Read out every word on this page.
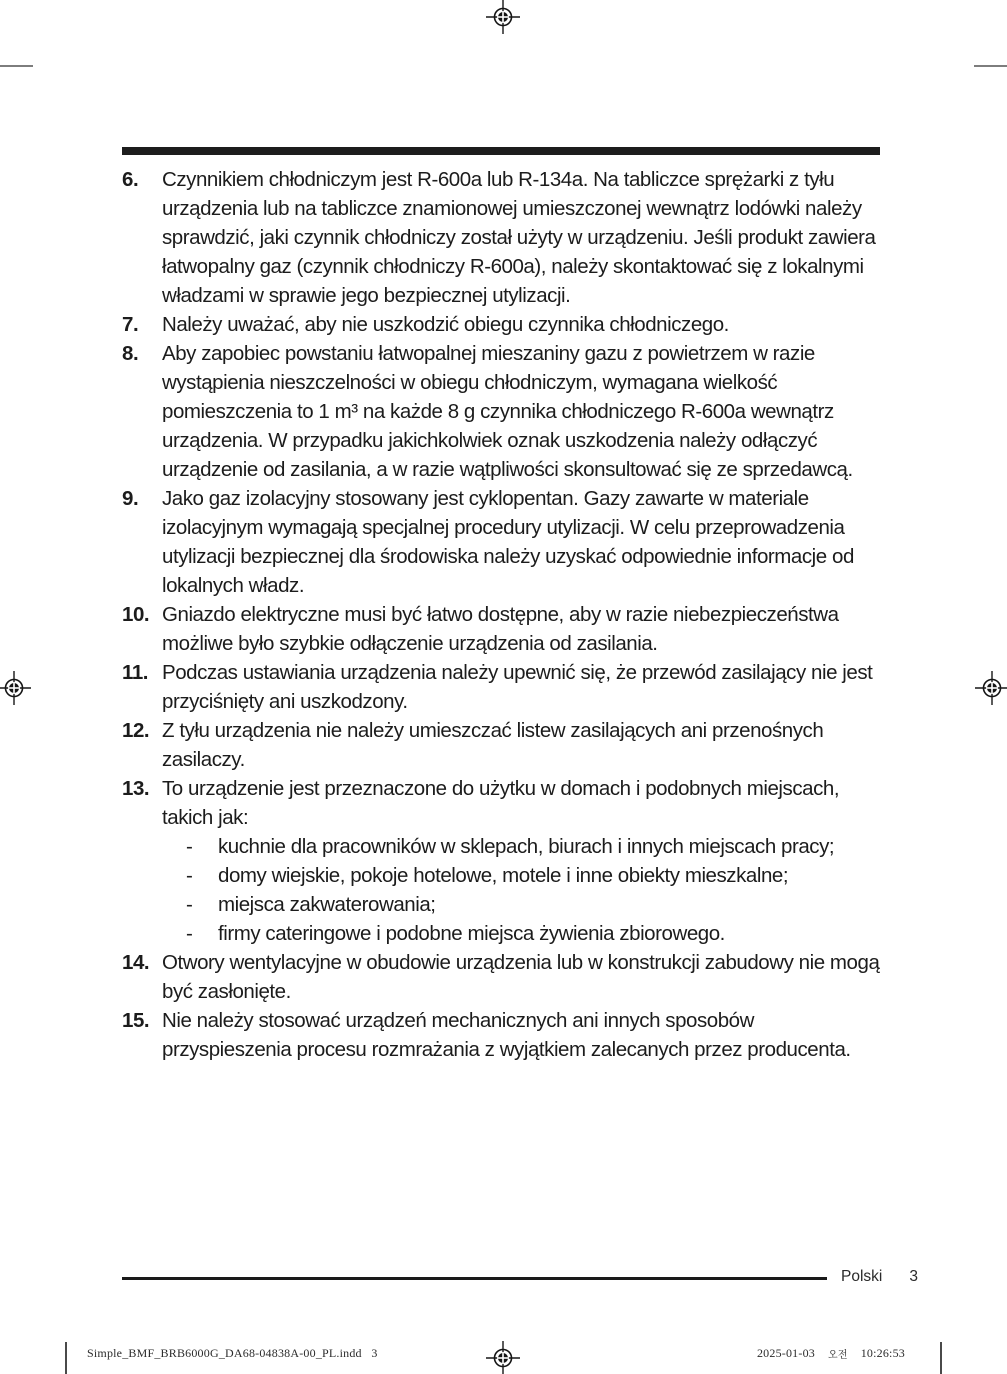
6.	Czynnikiem chłodniczym jest R-600a lub R-134a. Na tabliczce sprężarki z tyłu urządzenia lub na tabliczce znamionowej umieszczonej wewnątrz lodówki należy sprawdzić, jaki czynnik chłodniczy został użyty w urządzeniu. Jeśli produkt zawiera łatwopalny gaz (czynnik chłodniczy R-600a), należy skontaktować się z lokalnymi władzami w sprawie jego bezpiecznej utylizacji.
7.	Należy uważać, aby nie uszkodzić obiegu czynnika chłodniczego.
8.	Aby zapobiec powstaniu łatwopalnej mieszaniny gazu z powietrzem w razie wystąpienia nieszczelności w obiegu chłodniczym, wymagana wielkość pomieszczenia to 1 m³ na każde 8 g czynnika chłodniczego R-600a wewnątrz urządzenia. W przypadku jakichkolwiek oznak uszkodzenia należy odłączyć urządzenie od zasilania, a w razie wątpliwości skonsultować się ze sprzedawcą.
9.	Jako gaz izolacyjny stosowany jest cyklopentan. Gazy zawarte w materiale izolacyjnym wymagają specjalnej procedury utylizacji. W celu przeprowadzenia utylizacji bezpiecznej dla środowiska należy uzyskać odpowiednie informacje od lokalnych władz.
10. Gniazdo elektryczne musi być łatwo dostępne, aby w razie niebezpieczeństwa możliwe było szybkie odłączenie urządzenia od zasilania.
11. Podczas ustawiania urządzenia należy upewnić się, że przewód zasilający nie jest przyciśnięty ani uszkodzony.
12. Z tyłu urządzenia nie należy umieszczać listew zasilających ani przenośnych zasilaczy.
13. To urządzenie jest przeznaczone do użytku w domach i podobnych miejscach, takich jak:
-	kuchnie dla pracowników w sklepach, biurach i innych miejscach pracy;
-	domy wiejskie, pokoje hotelowe, motele i inne obiekty mieszkalne;
-	miejsca zakwaterowania;
-	firmy cateringowe i podobne miejsca żywienia zbiorowego.
14. Otwory wentylacyjne w obudowie urządzenia lub w konstrukcji zabudowy nie mogą być zasłonięte.
15. Nie należy stosować urządzeń mechanicznych ani innych sposobów przyspieszenia procesu rozmrażania z wyjątkiem zalecanych przez producenta.
Polski 3
Simple_BMF_BRB6000G_DA68-04838A-00_PL.indd   3	2025-01-03 오전 10:26:53
